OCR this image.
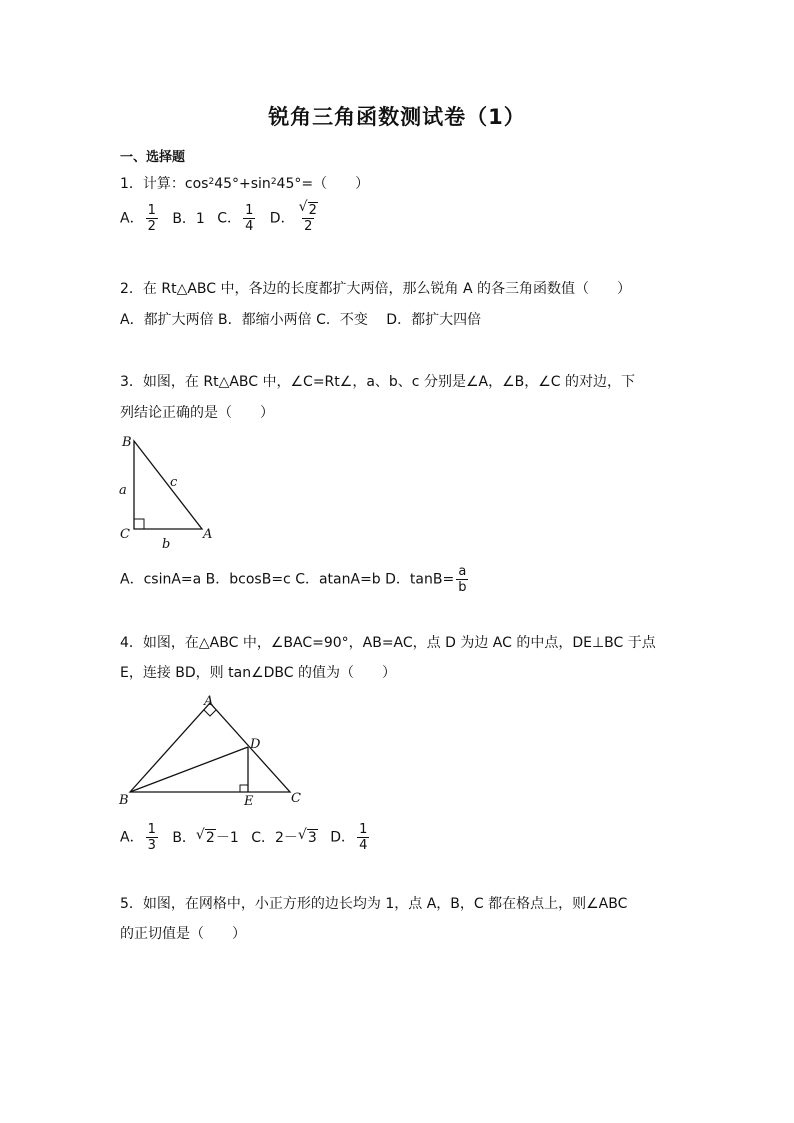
锐角三角函数测试卷（1）
一、选择题
1．计算：$\cos^245^\circ+\sin^245^\circ=$（　　）
A． $\frac{1}{2}$ B．1 C． $\frac{1}{4}$ D． $\frac{√ 2}{2}$
2．在 Rt△ABC 中，各边的长度都扩大两倍，那么锐角 A 的各三角函数值（　　）
A．都扩大两倍 B．都缩小两倍 C．不变　 D．都扩大四倍
3．如图，在 Rt△ABC 中，∠C=Rt∠，a、b、c 分别是∠A，∠B，∠C 的对边，下
列结论正确的是（　　）
B
C	A
a
b
c
A．csinA=a B．bcosB=c C．atanA=b D．$\tan B= \frac{a}{b}$
4．如图，在△ABC 中，∠BAC=90°，AB=AC，点 D 为边 AC 的中点，DE⊥BC 于点
E，连接 BD，则 tan∠DBC 的值为（　　）
A
B	C
D
E
A． $\frac{1}{3}$ B． √ 2－1 C．2－ √ 3 D． $\frac{1}{4}$
5．如图，在网格中，小正方形的边长均为 1，点 A，B，C 都在格点上，则∠ABC
的正切值是（　　）
